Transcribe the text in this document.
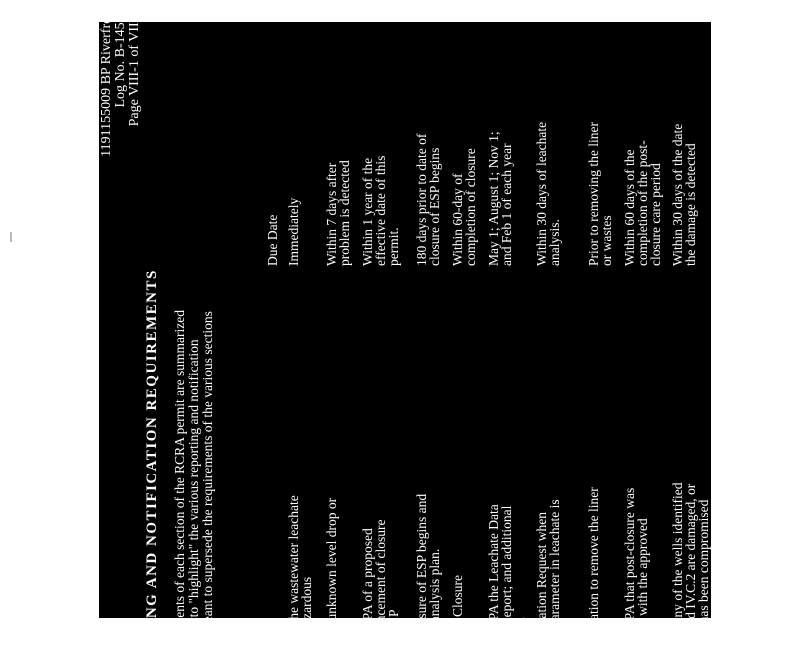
1191155009 BP Riverfront Log No. B-145R2 Page VIII-1 of VIII-4
ORTING AND NOTIFICATION REQUIREMENTS equirements of each section of the RCRA permit are summarized rovided to "highlight" the various reporting and notification s not meant to supersede the requirements of the various sections
Due Date
EPA if the wastewater leachate
ound hazardous
Immediately
EPA of unknown level drop or
Within 7 days after
problem is detected
linois EPA of a proposed
commencement of closure
e the ESP
Within 1 year of the
effective date of this
permit.
EPA closure of ESP begins and
ng and analysis plan.
180 days prior to date of
closure of ESP begins
ation of Closure
Within 60-day of
completion of closure
linois EPA the Leachate Data
toring Report; and additional
ondition
May 1; August 1; Nov 1;
and Feb 1 of each year
Modification Request when
eeded parameter in leachate is
Within 30 days of leachate
analysis.
modification to remove the liner
astes
Prior to removing the liner
or wastes
linois EPA that post-closure was
ordance with the approved
n
Within 60 days of the
completion of the post-
closure care period
EPA if any of the wells identified
I.C.1 and IV.C.2 are damaged, or
tegrity has been compromised
Within 30 days of the date
the damage is detected
